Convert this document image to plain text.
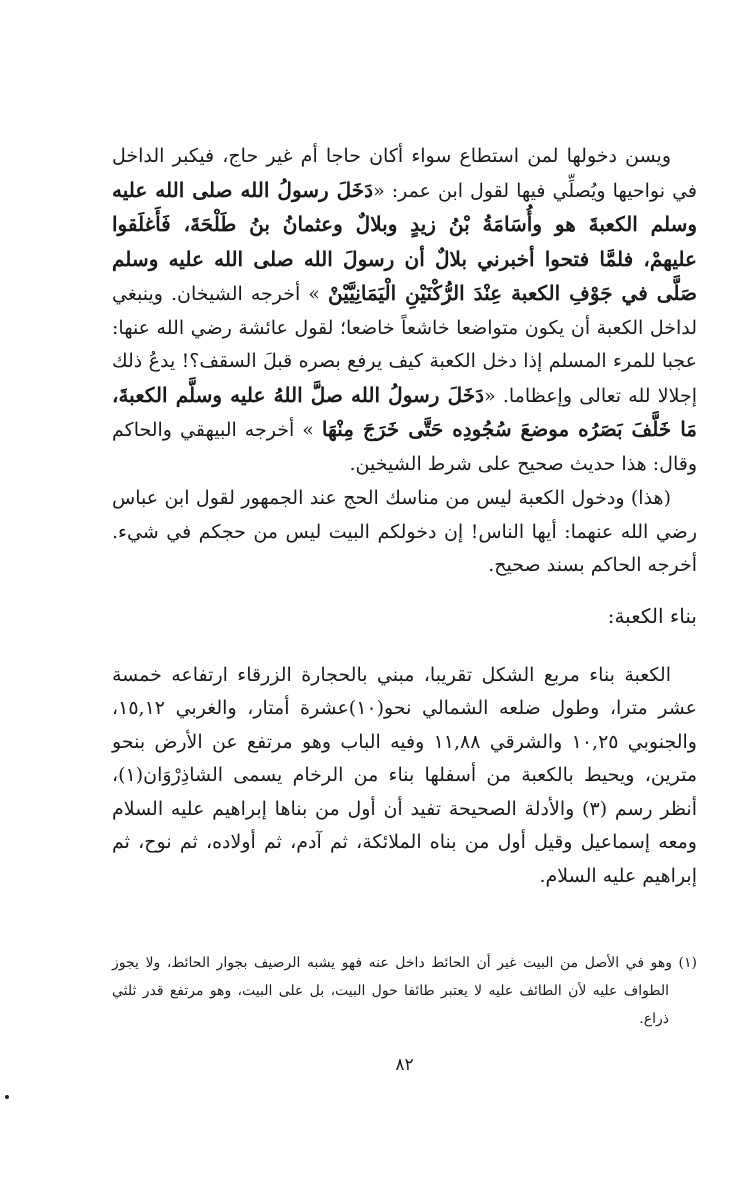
ويسن دخولها لمن استطاع سواء أكان حاجا أم غير حاج، فيكبر الداخل في نواحيها ويُصلِّي فيها لقول ابن عمر: «دَخَلَ رسولُ الله صلى الله عليه وسلم الكعبةَ هو وأُسَامَةُ بْنُ زيدٍ وبلالٌ وعثمانُ بنُ طَلْحَةَ، فَأَغلَقوا عليهمْ، فلمَّا فتحوا أخبرني بلالٌ أن رسولَ الله صلى الله عليه وسلم صَلَّى في جَوْفِ الكعبة عِنْدَ الرُّكْنَيْنِ الْيَمَانِيَّيْنْ » أخرجه الشيخان. وينبغي لداخل الكعبة أن يكون متواضعا خاشعاً خاضعا؛ لقول عائشة رضي الله عنها: عجبا للمرء المسلم إذا دخل الكعبة كيف يرفع بصره قبلَ السقف؟! يدعُ ذلك إجلالا لله تعالى وإعظاما. «دَخَلَ رسولُ الله صلَّ اللهُ عليه وسلَّم الكعبةَ، مَا خَلَّفَ بَصَرُه موضعَ سُجُودِه حَتَّى خَرَجَ مِنْهَا » أخرجه البيهقي والحاكم وقال: هذا حديث صحيح على شرط الشيخين.

(هذا) ودخول الكعبة ليس من مناسك الحج عند الجمهور لقول ابن عباس رضي الله عنهما: أيها الناس! إن دخولكم البيت ليس من حجكم في شيء. أخرجه الحاكم بسند صحيح.

بناء الكعبة:

الكعبة بناء مربع الشكل تقريبا، مبني بالحجارة الزرقاء ارتفاعه خمسة عشر مترا، وطول ضلعه الشمالي نحو(١٠)عشرة أمتار، والغربي ١٥,١٢، والجنوبي ١٠,٢٥ والشرقي ١١,٨٨ وفيه الباب وهو مرتفع عن الأرض بنحو مترين، ويحيط بالكعبة من أسفلها بناء من الرخام يسمى الشاذِرْوَان(١)، أنظر رسم (٣) والأدلة الصحيحة تفيد أن أول من بناها إبراهيم عليه السلام ومعه إسماعيل وقيل أول من بناه الملائكة، ثم آدم، ثم أولاده، ثم نوح، ثم إبراهيم عليه السلام.

(١) وهو في الأصل من البيت غير أن الحائط داخل عنه فهو يشبه الرصيف بجوار الحائط، ولا يجوز الطواف عليه لأن الطائف عليه لا يعتبر طائفا حول البيت، بل على البيت، وهو مرتفع قدر ثلثي ذراع.

٨٢
